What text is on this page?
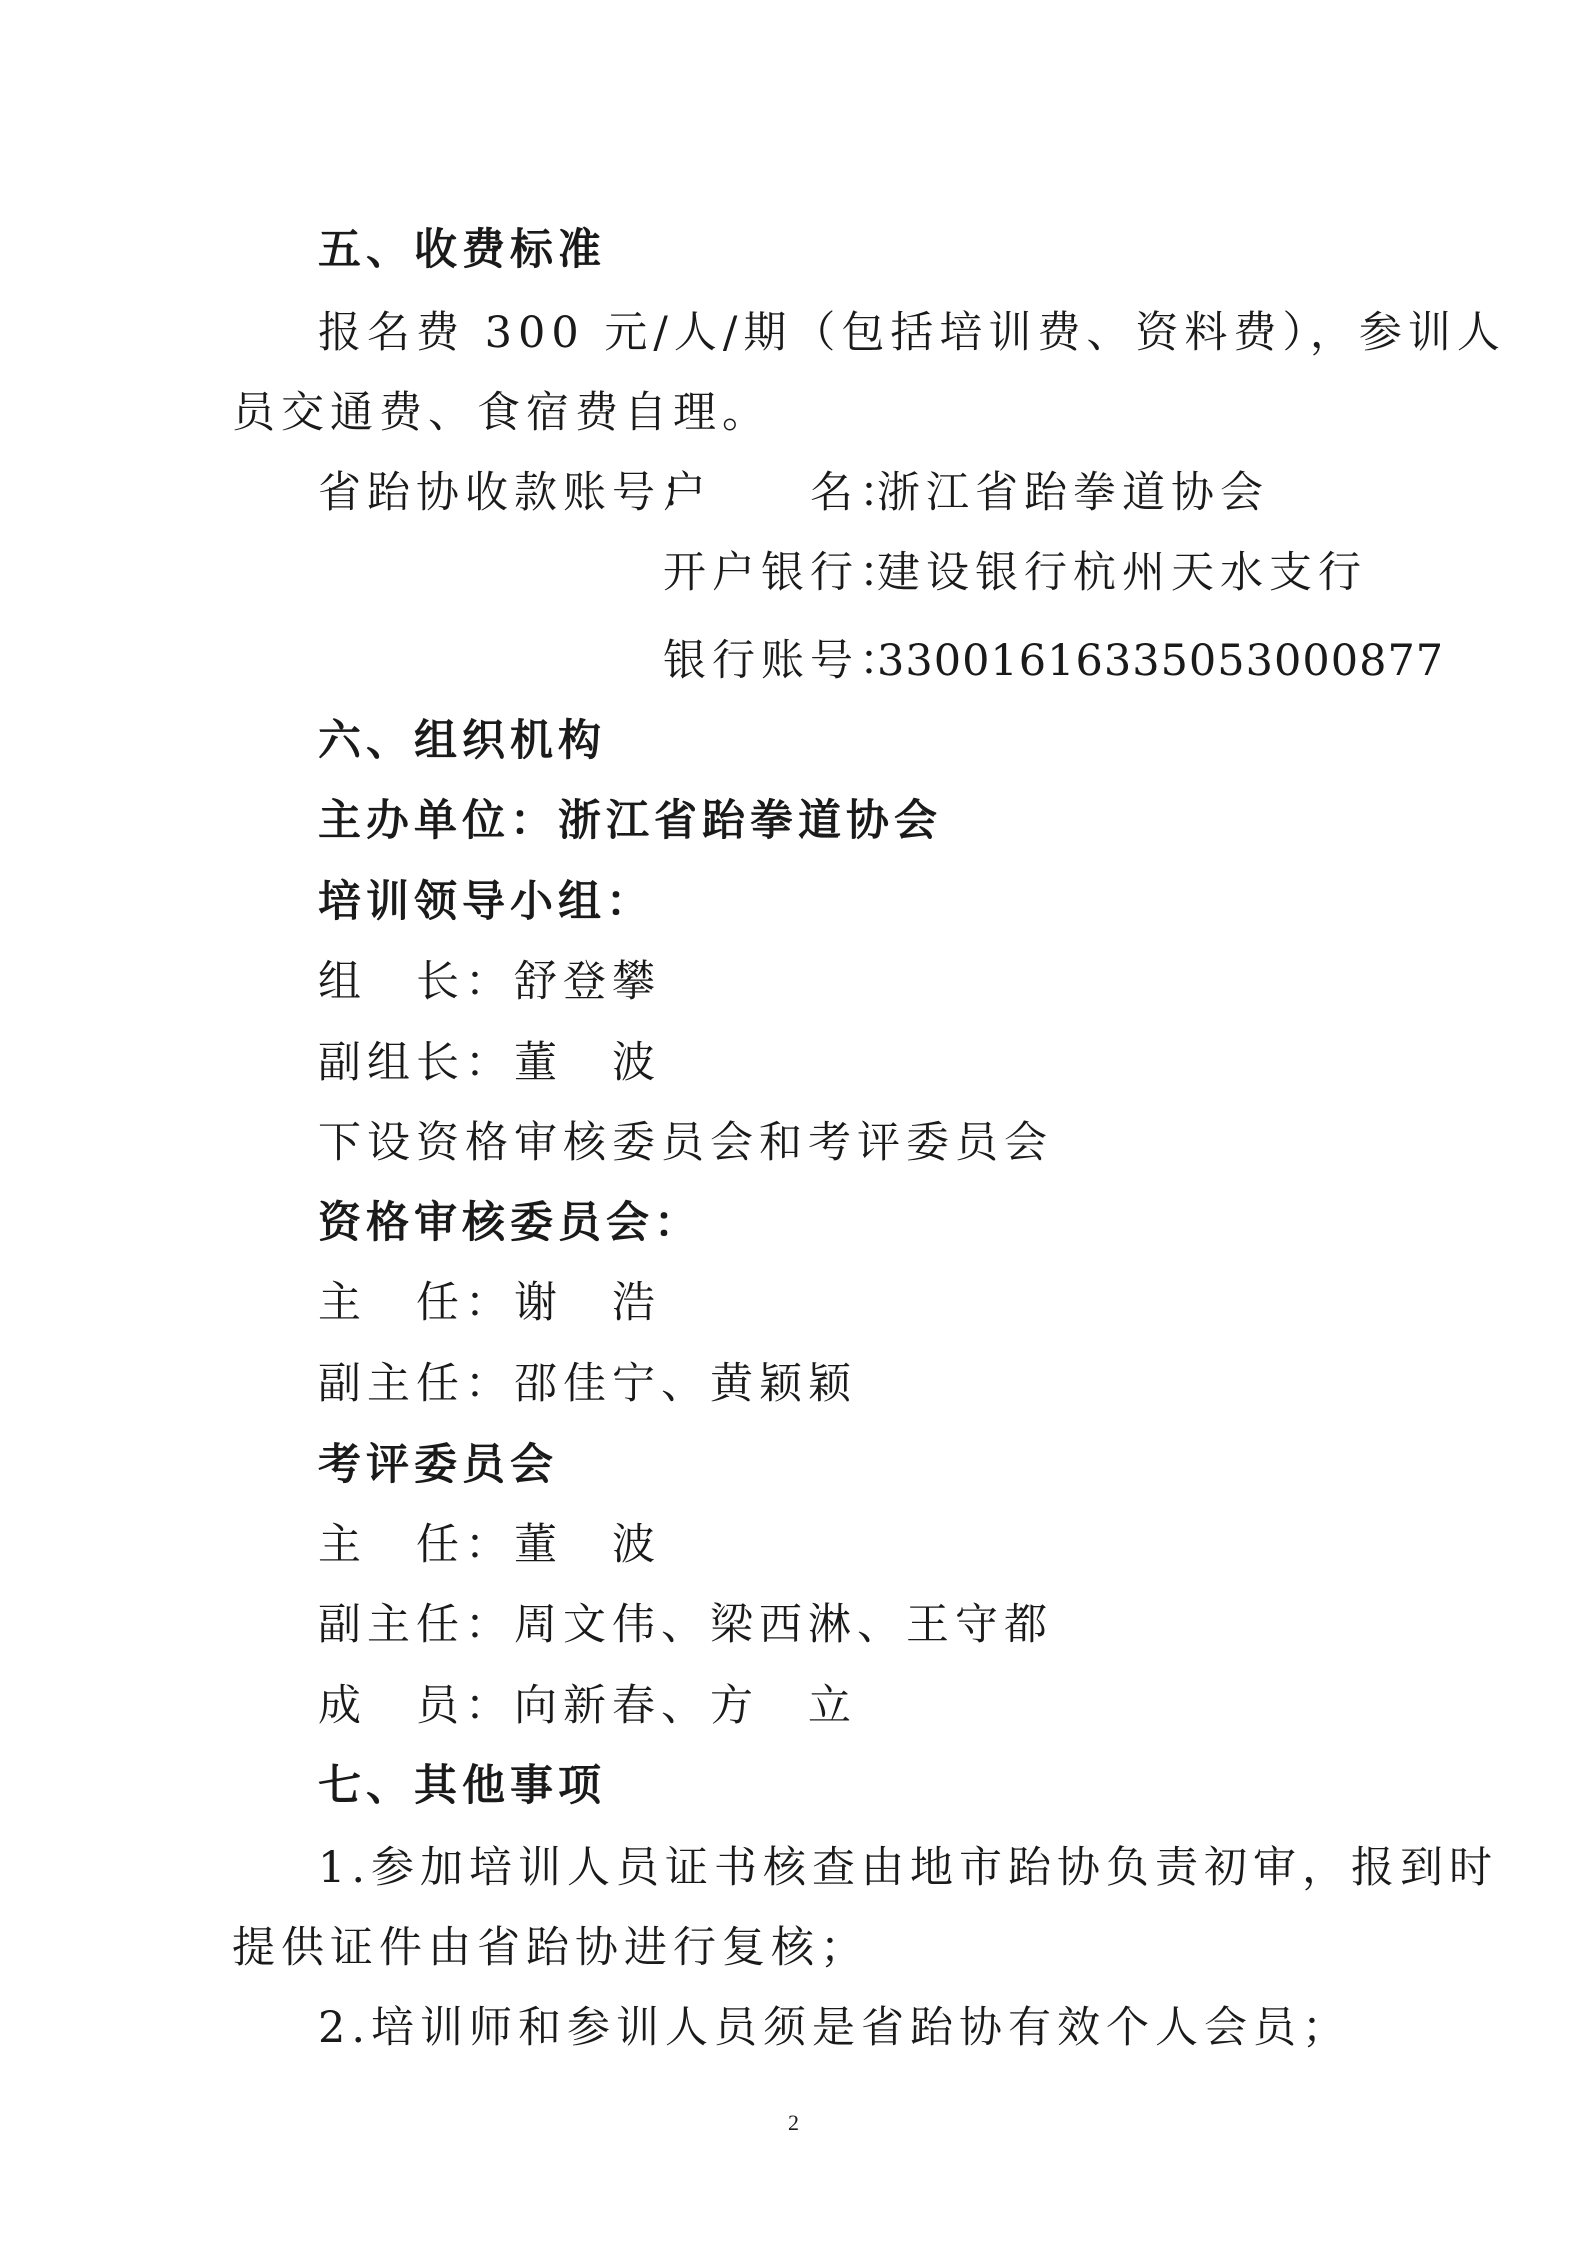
五、收费标准
报名费 300 元/人/期（包括培训费、资料费），参训人
员交通费、食宿费自理。
省跆协收款账号：
户　　名：
浙江省跆拳道协会
开户银行：
建设银行杭州天水支行
银行账号：
33001616335053000877
六、组织机构
主办单位：浙江省跆拳道协会
培训领导小组：
组　长：舒登攀
副组长：董　波
下设资格审核委员会和考评委员会
资格审核委员会：
主　任：谢　浩
副主任：邵佳宁、黄颖颖
考评委员会
主　任：董　波
副主任：周文伟、梁西淋、王守都
成　员：向新春、方　立
七、其他事项
1.参加培训人员证书核查由地市跆协负责初审，报到时
提供证件由省跆协进行复核；
2.培训师和参训人员须是省跆协有效个人会员；
2
